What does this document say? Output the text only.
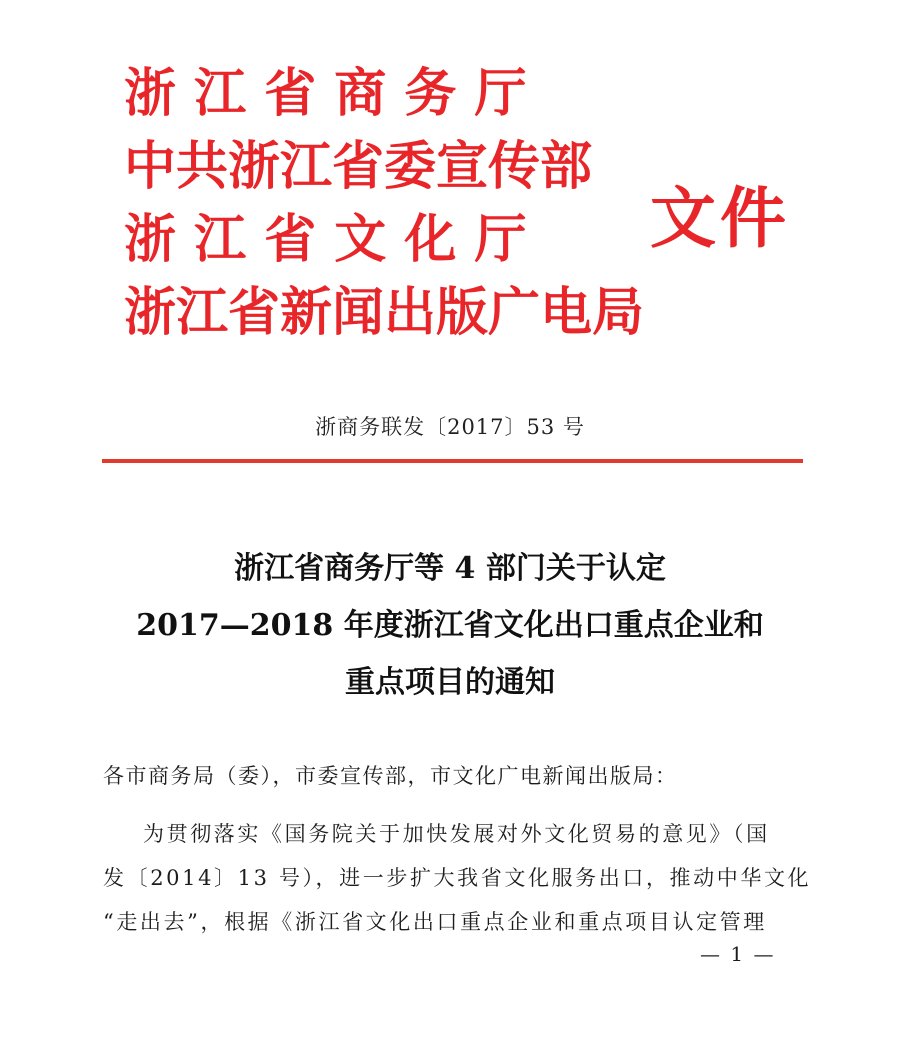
浙 江 省 商 务 厅
中共浙江省委宣传部
浙 江 省 文 化 厅
浙江省新闻出版广电局
文件
浙商务联发〔2017〕53 号
浙江省商务厅等 4 部门关于认定
2017—2018 年度浙江省文化出口重点企业和
重点项目的通知
各市商务局（委），市委宣传部，市文化广电新闻出版局：
为贯彻落实《国务院关于加快发展对外文化贸易的意见》（国
发〔2014〕13 号），进一步扩大我省文化服务出口，推动中华文化
“走出去”，根据《浙江省文化出口重点企业和重点项目认定管理
— 1 —
